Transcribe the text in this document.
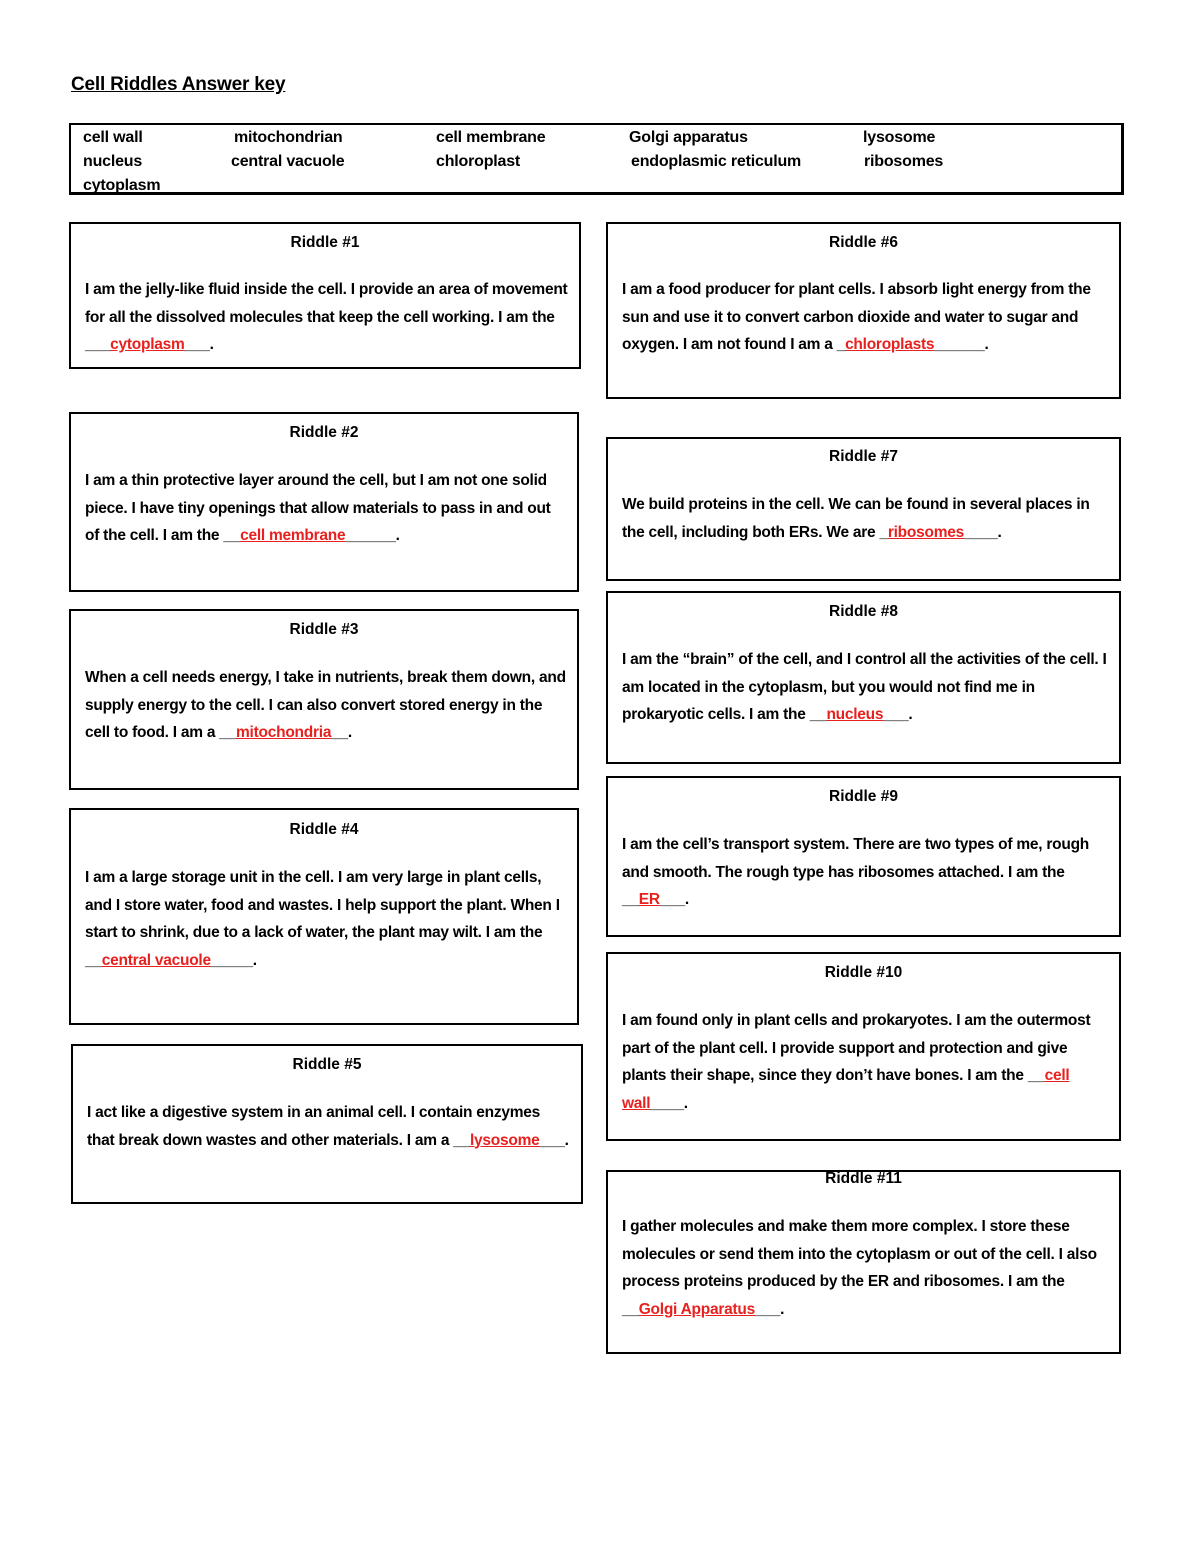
Cell Riddles Answer key
cell wall	mitochondrian	cell membrane	Golgi apparatus	lysosome
nucleus	central vacuole	chloroplast	endoplasmic reticulum	ribosomes
cytoplasm
Riddle #1
I am the jelly-like fluid inside the cell. I provide an area of movement for all the dissolved molecules that keep the cell working. I am the ___cytoplasm___.
Riddle #2
I am a thin protective layer around the cell, but I am not one solid piece. I have tiny openings that allow materials to pass in and out of the cell. I am the __cell membrane______.
Riddle #3
When a cell needs energy, I take in nutrients, break them down, and supply energy to the cell. I can also convert stored energy in the cell to food. I am a __mitochondria__.
Riddle #4
I am a large storage unit in the cell. I am very large in plant cells, and I store water, food and wastes. I help support the plant. When I start to shrink, due to a lack of water, the plant may wilt. I am the __central vacuole_____.
Riddle #5
I act like a digestive system in an animal cell. I contain enzymes that break down wastes and other materials. I am a __lysosome___.
Riddle #6
I am a food producer for plant cells. I absorb light energy from the sun and use it to convert carbon dioxide and water to sugar and oxygen. I am not found I am a _chloroplasts______.
Riddle #7
We build proteins in the cell. We can be found in several places in the cell, including both ERs. We are _ribosomes____.
Riddle #8
I am the “brain” of the cell, and I control all the activities of the cell. I am located in the cytoplasm, but you would not find me in prokaryotic cells. I am the __nucleus___.
Riddle #9
I am the cell’s transport system. There are two types of me, rough and smooth. The rough type has ribosomes attached. I am the __ER___.
Riddle #10
I am found only in plant cells and prokaryotes. I am the outermost part of the plant cell. I provide support and protection and give plants their shape, since they don’t have bones. I am the __cell wall____.
Riddle #11
I gather molecules and make them more complex. I store these molecules or send them into the cytoplasm or out of the cell. I also process proteins produced by the ER and ribosomes. I am the __Golgi Apparatus___.
